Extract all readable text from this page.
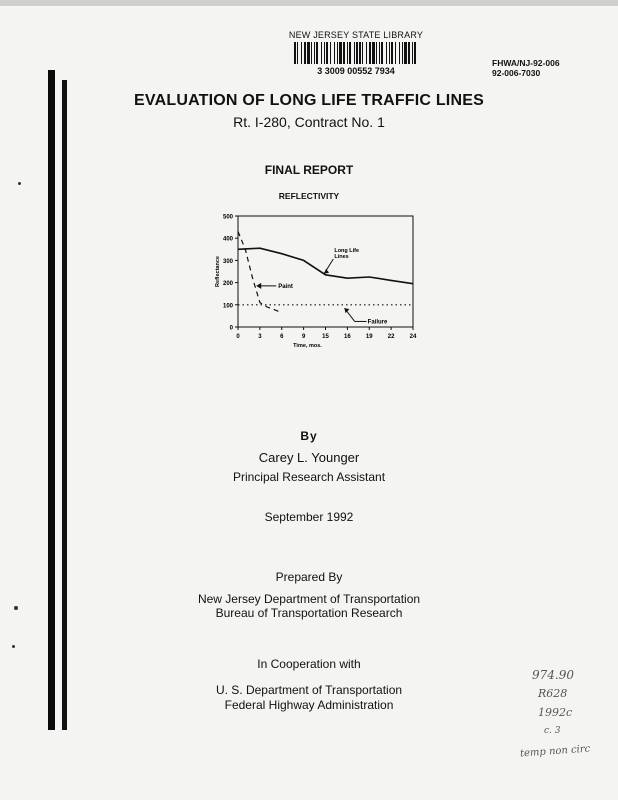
NEW JERSEY STATE LIBRARY
3 3009 00552 7934
FHWA/NJ-92-006
92-006-7030
EVALUATION OF LONG LIFE TRAFFIC LINES
Rt. I-280, Contract No. 1
FINAL REPORT
REFLECTIVITY
0
100
200
300
400
500
0	3	6	9	15	16	19	22	24
Time, mos.
Reflectance
Long Life
Lines
Paint
Failure
By
Carey L. Younger
Principal Research Assistant
September 1992
Prepared By
New Jersey Department of Transportation
Bureau of Transportation Research
In Cooperation with
U. S. Department of Transportation
Federal Highway Administration
974.90
R628
1992c
c. 3
temp non circ
